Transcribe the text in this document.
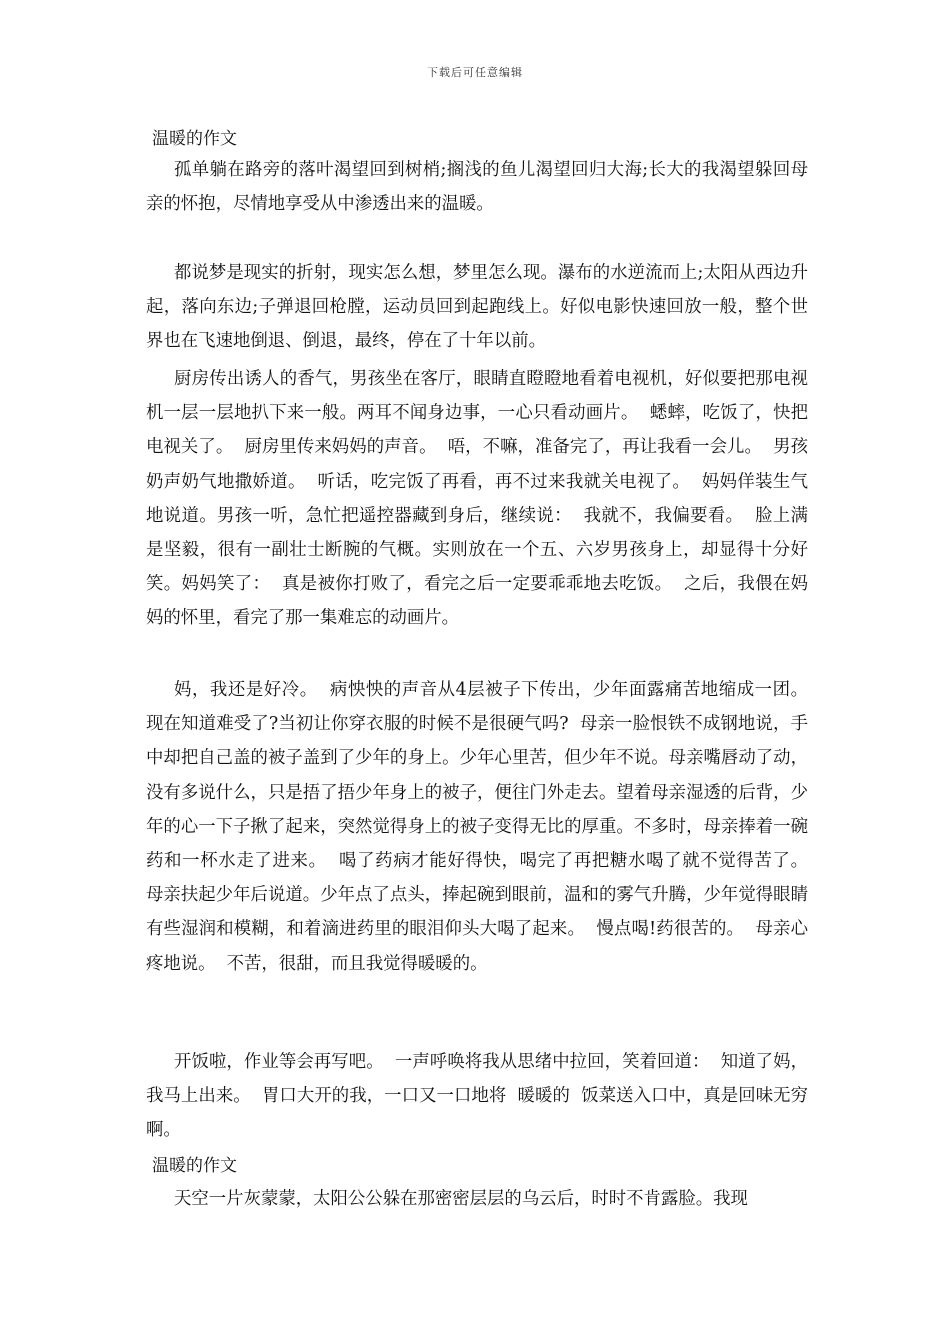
下载后可任意编辑
温暖的作文

孤单躺在路旁的落叶渴望回到树梢;搁浅的鱼儿渴望回归大海;长大的我渴望躲回母亲的怀抱，尽情地享受从中渗透出来的温暖。

都说梦是现实的折射，现实怎么想，梦里怎么现。瀑布的水逆流而上;太阳从西边升起，落向东边;子弹退回枪膛，运动员回到起跑线上。好似电影快速回放一般，整个世界也在飞速地倒退、倒退，最终，停在了十年以前。

厨房传出诱人的香气，男孩坐在客厅，眼睛直瞪瞪地看着电视机，好似要把那电视机一层一层地扒下来一般。两耳不闻身边事，一心只看动画片。  蟋蟀，吃饭了，快把电视关了。  厨房里传来妈妈的声音。  唔，不嘛，准备完了，再让我看一会儿。  男孩奶声奶气地撒娇道。  听话，吃完饭了再看，再不过来我就关电视了。  妈妈佯装生气地说道。男孩一听，急忙把遥控器藏到身后，继续说：  我就不，我偏要看。  脸上满是坚毅，很有一副壮士断腕的气概。实则放在一个五、六岁男孩身上，却显得十分好笑。妈妈笑了：  真是被你打败了，看完之后一定要乖乖地去吃饭。  之后，我偎在妈妈的怀里，看完了那一集难忘的动画片。

妈，我还是好冷。  病怏怏的声音从4层被子下传出，少年面露痛苦地缩成一团。  现在知道难受了?当初让你穿衣服的时候不是很硬气吗?  母亲一脸恨铁不成钢地说，手中却把自己盖的被子盖到了少年的身上。少年心里苦，但少年不说。母亲嘴唇动了动，没有多说什么，只是捂了捂少年身上的被子，便往门外走去。望着母亲湿透的后背，少年的心一下子揪了起来，突然觉得身上的被子变得无比的厚重。不多时，母亲捧着一碗药和一杯水走了进来。  喝了药病才能好得快，喝完了再把糖水喝了就不觉得苦了。  母亲扶起少年后说道。少年点了点头，捧起碗到眼前，温和的雾气升腾，少年觉得眼睛有些湿润和模糊，和着滴进药里的眼泪仰头大喝了起来。  慢点喝!药很苦的。  母亲心疼地说。  不苦，很甜，而且我觉得暖暖的。

开饭啦，作业等会再写吧。  一声呼唤将我从思绪中拉回，笑着回道：  知道了妈，我马上出来。  胃口大开的我，一口又一口地将  暖暖的  饭菜送入口中，真是回味无穷啊。

温暖的作文

天空一片灰蒙蒙，太阳公公躲在那密密层层的乌云后，时时不肯露脸。我现
